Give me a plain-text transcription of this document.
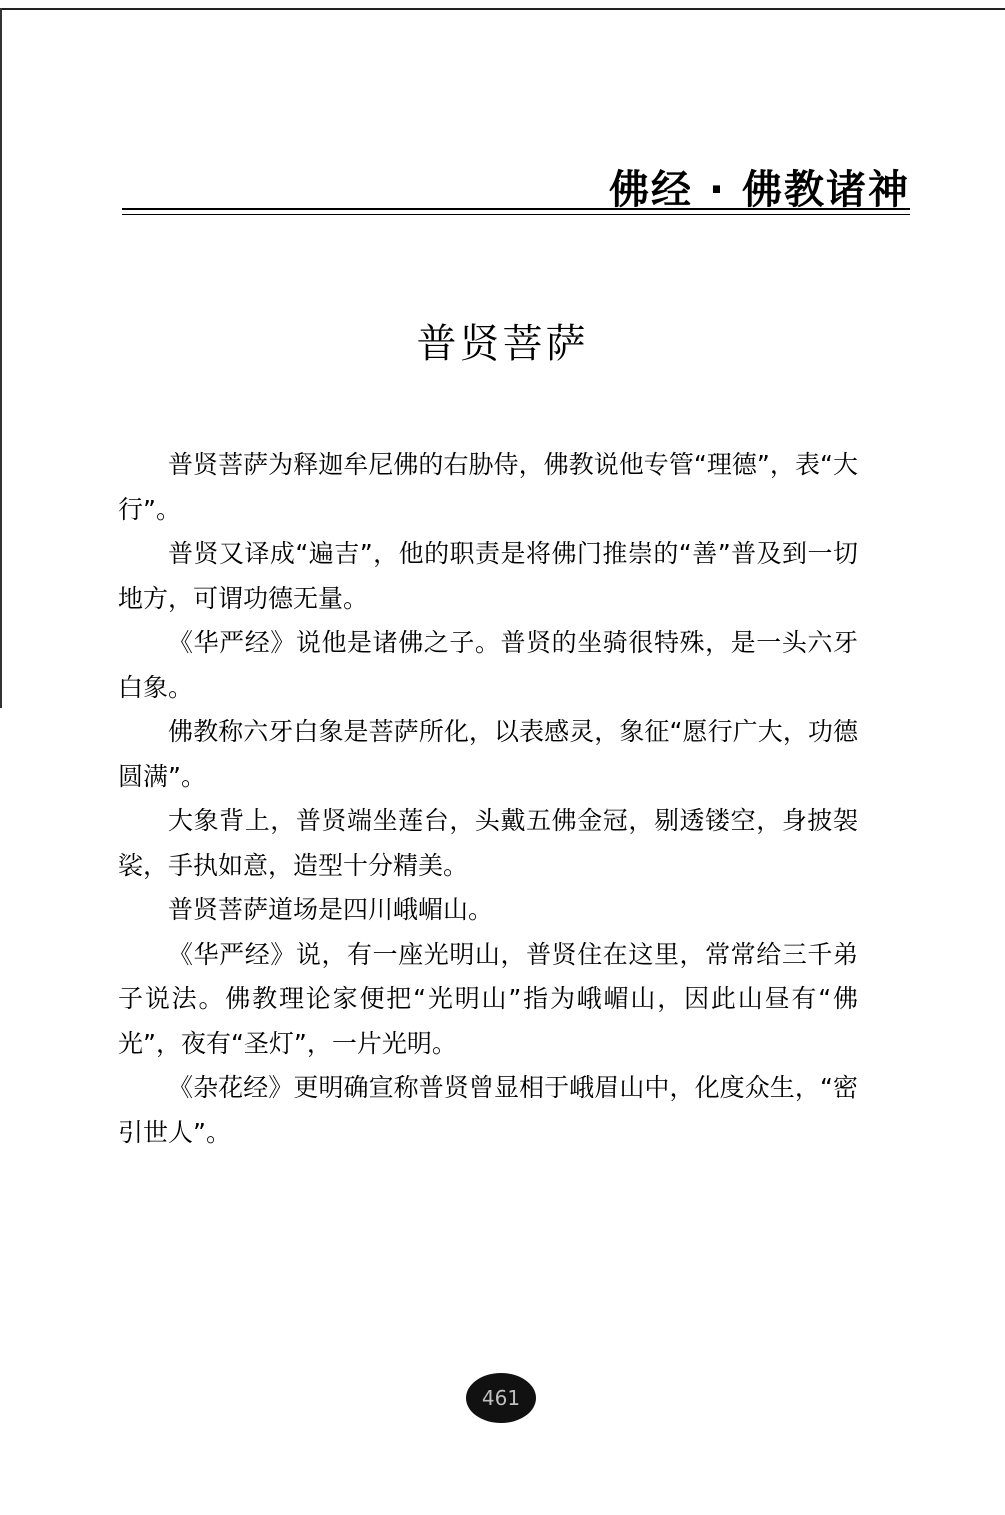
佛经 · 佛教诸神
普贤菩萨

普贤菩萨为释迦牟尼佛的右胁侍，佛教说他专管“理德”，表“大行”。

普贤又译成“遍吉”，他的职责是将佛门推崇的“善”普及到一切地方，可谓功德无量。

《华严经》说他是诸佛之子。普贤的坐骑很特殊，是一头六牙白象。

佛教称六牙白象是菩萨所化，以表感灵，象征“愿行广大，功德圆满”。

大象背上，普贤端坐莲台，头戴五佛金冠，剔透镂空，身披袈裟，手执如意，造型十分精美。

普贤菩萨道场是四川峨嵋山。

《华严经》说，有一座光明山，普贤住在这里，常常给三千弟子说法。佛教理论家便把“光明山”指为峨嵋山，因此山昼有“佛光”，夜有“圣灯”，一片光明。

《杂花经》更明确宣称普贤曾显相于峨眉山中，化度众生，“密引世人”。

461
